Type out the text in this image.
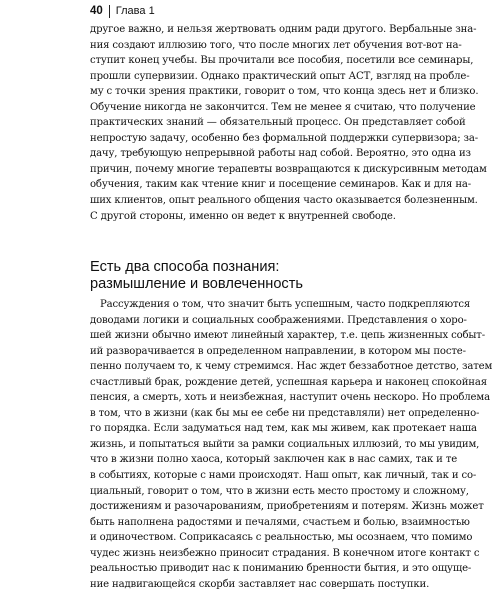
40	Глава 1
другое важно, и нельзя жертвовать одним ради другого. Вербальные зна-
ния создают иллюзию того, что после многих лет обучения вот-вот на-
ступит конец учебы. Вы прочитали все пособия, посетили все семинары,
прошли супервизии. Однако практический опыт АСТ, взгляд на пробле-
му с точки зрения практики, говорит о том, что конца здесь нет и близко.
Обучение никогда не закончится. Тем не менее я считаю, что получение
практических знаний — обязательный процесс. Он представляет собой
непростую задачу, особенно без формальной поддержки супервизора; за-
дачу, требующую непрерывной работы над собой. Вероятно, это одна из
причин, почему многие терапевты возвращаются к дискурсивным методам
обучения, таким как чтение книг и посещение семинаров. Как и для на-
ших клиентов, опыт реального общения часто оказывается болезненным.
С другой стороны, именно он ведет к внутренней свободе.
Есть два способа познания:
размышление и вовлеченность
Рассуждения о том, что значит быть успешным, часто подкрепляются
доводами логики и социальных соображениями. Представления о хоро-
шей жизни обычно имеют линейный характер, т.е. цепь жизненных событ-
ий разворачивается в определенном направлении, в котором мы посте-
пенно получаем то, к чему стремимся. Нас ждет беззаботное детство, затем
счастливый брак, рождение детей, успешная карьера и наконец спокойная
пенсия, а смерть, хоть и неизбежная, наступит очень нескоро. Но проблема
в том, что в жизни (как бы мы ее себе ни представляли) нет определенно-
го порядка. Если задуматься над тем, как мы живем, как протекает наша
жизнь, и попытаться выйти за рамки социальных иллюзий, то мы увидим,
что в жизни полно хаоса, который заключен как в нас самих, так и те
в событиях, которые с нами происходят. Наш опыт, как личный, так и со-
циальный, говорит о том, что в жизни есть место простому и сложному,
достижениям и разочарованиям, приобретениям и потерям. Жизнь может
быть наполнена радостями и печалями, счастьем и болью, взаимностью
и одиночеством. Соприкасаясь с реальностью, мы осознаем, что помимо
чудес жизнь неизбежно приносит страдания. В конечном итоге контакт с
реальностью приводит нас к пониманию бренности бытия, и это ощуще-
ние надвигающейся скорби заставляет нас совершать поступки.
